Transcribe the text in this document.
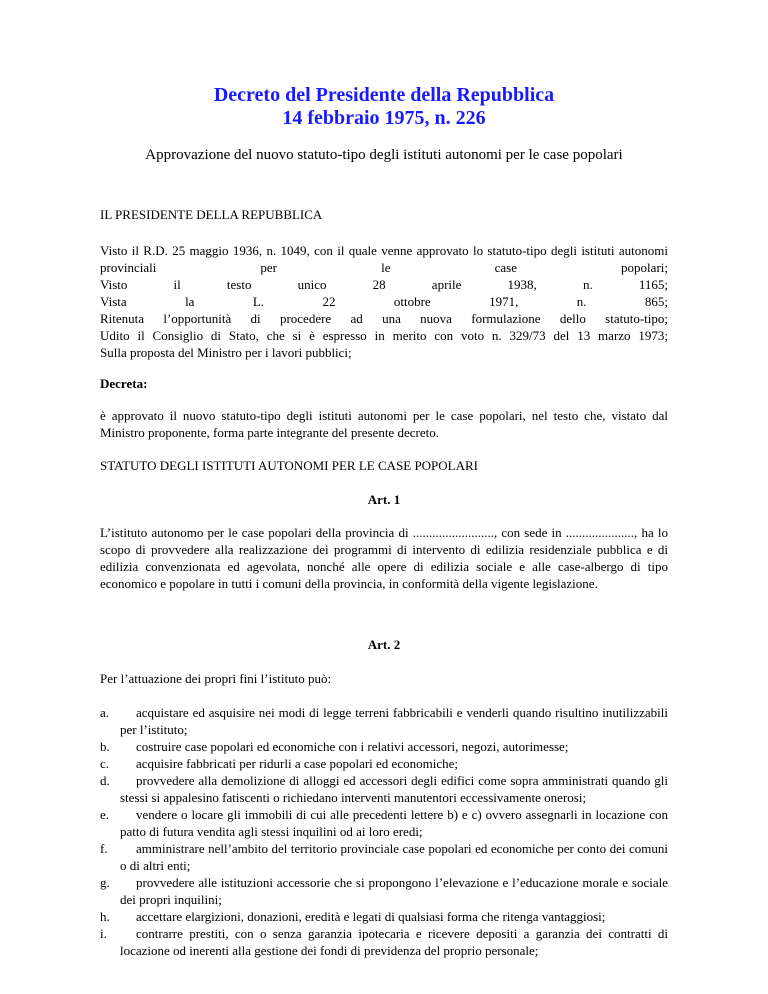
Decreto del Presidente della Repubblica
14 febbraio 1975, n. 226
Approvazione del nuovo statuto-tipo degli istituti autonomi per le case popolari
IL PRESIDENTE DELLA REPUBBLICA
Visto il R.D. 25 maggio 1936, n. 1049, con il quale venne approvato lo statuto-tipo degli istituti autonomi
provinciali per le case popolari;
Visto il testo unico 28 aprile 1938, n. 1165;
Vista la L. 22 ottobre 1971, n. 865;
Ritenuta l’opportunità di procedere ad una nuova formulazione dello statuto-tipo;
Udito il Consiglio di Stato, che si è espresso in merito con voto n. 329/73 del 13 marzo 1973;
Sulla proposta del Ministro per i lavori pubblici;
Decreta:
è approvato il nuovo statuto-tipo degli istituti autonomi per le case popolari, nel testo che, vistato dal Ministro proponente, forma parte integrante del presente decreto.
STATUTO DEGLI ISTITUTI AUTONOMI PER LE CASE POPOLARI
Art. 1
L’istituto autonomo per le case popolari della provincia di ........................., con sede in ....................., ha lo scopo di provvedere alla realizzazione dei programmi di intervento di edilizia residenziale pubblica e di edilizia convenzionata ed agevolata, nonché alle opere di edilizia sociale e alle case-albergo di tipo economico e popolare in tutti i comuni della provincia, in conformità della vigente legislazione.
Art. 2
Per l’attuazione dei propri fini l’istituto può:
a.	acquistare ed asquisire nei modi di legge terreni fabbricabili e venderli quando risultino inutilizzabili per l’istituto;
b.	costruire case popolari ed economiche con i relativi accessori, negozi, autorimesse;
c.	acquisire fabbricati per ridurli a case popolari ed economiche;
d.	provvedere alla demolizione di alloggi ed accessori degli edifici come sopra amministrati quando gli stessi si appalesino fatiscenti o richiedano interventi manutentori eccessivamente onerosi;
e.	vendere o locare gli immobili di cui alle precedenti lettere b) e c) ovvero assegnarli in locazione con patto di futura vendita agli stessi inquilini od ai loro eredi;
f.	amministrare nell’ambito del territorio provinciale case popolari ed economiche per conto dei comuni o di altri enti;
g.	provvedere alle istituzioni accessorie che si propongono l’elevazione e l’educazione morale e sociale dei propri inquilini;
h.	accettare elargizioni, donazioni, eredità e legati di qualsiasi forma che ritenga vantaggiosi;
i.	contrarre prestiti, con o senza garanzia ipotecaria e ricevere depositi a garanzia dei contratti di locazione od inerenti alla gestione dei fondi di previdenza del proprio personale;
